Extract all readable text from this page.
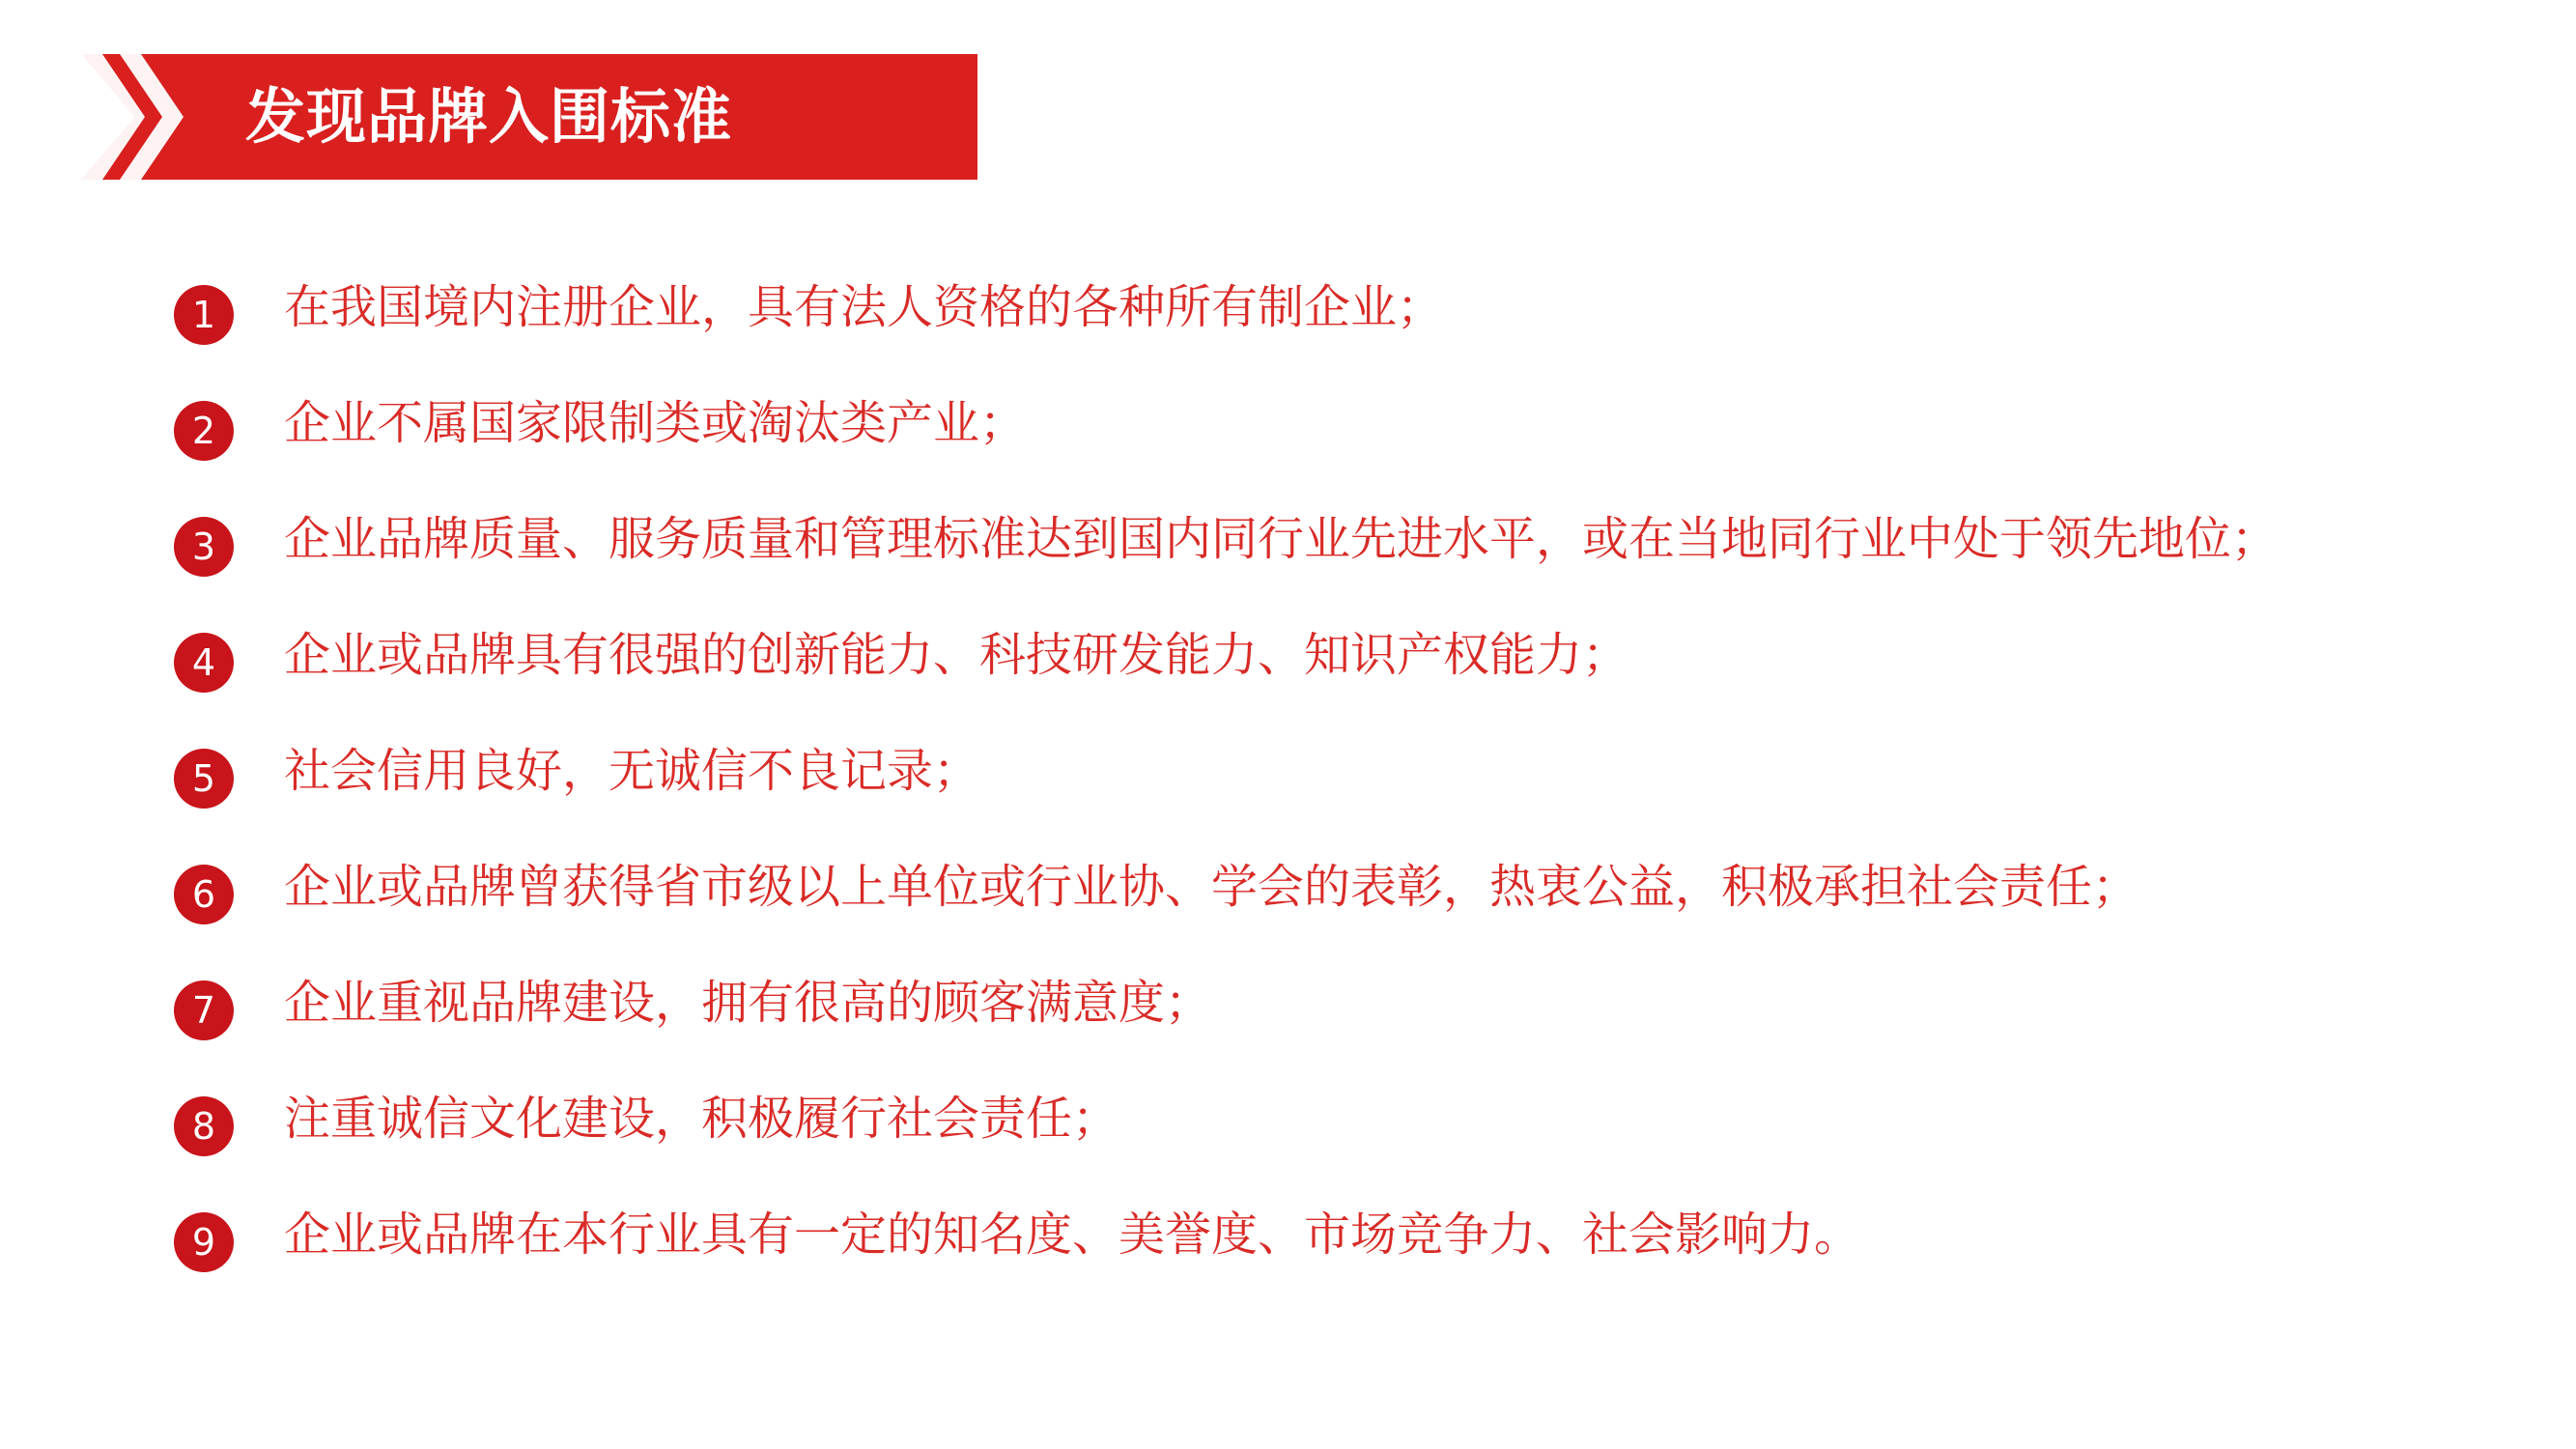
发现品牌入围标准
1	在我国境内注册企业，具有法人资格的各种所有制企业；
2	企业不属国家限制类或淘汰类产业；
3	企业品牌质量、服务质量和管理标准达到国内同行业先进水平，或在当地同行业中处于领先地位；
4	企业或品牌具有很强的创新能力、科技研发能力、知识产权能力；
5	社会信用良好，无诚信不良记录；
6	企业或品牌曾获得省市级以上单位或行业协、学会的表彰，热衷公益，积极承担社会责任；
7	企业重视品牌建设，拥有很高的顾客满意度；
8	注重诚信文化建设，积极履行社会责任；
9	企业或品牌在本行业具有一定的知名度、美誉度、市场竞争力、社会影响力。
